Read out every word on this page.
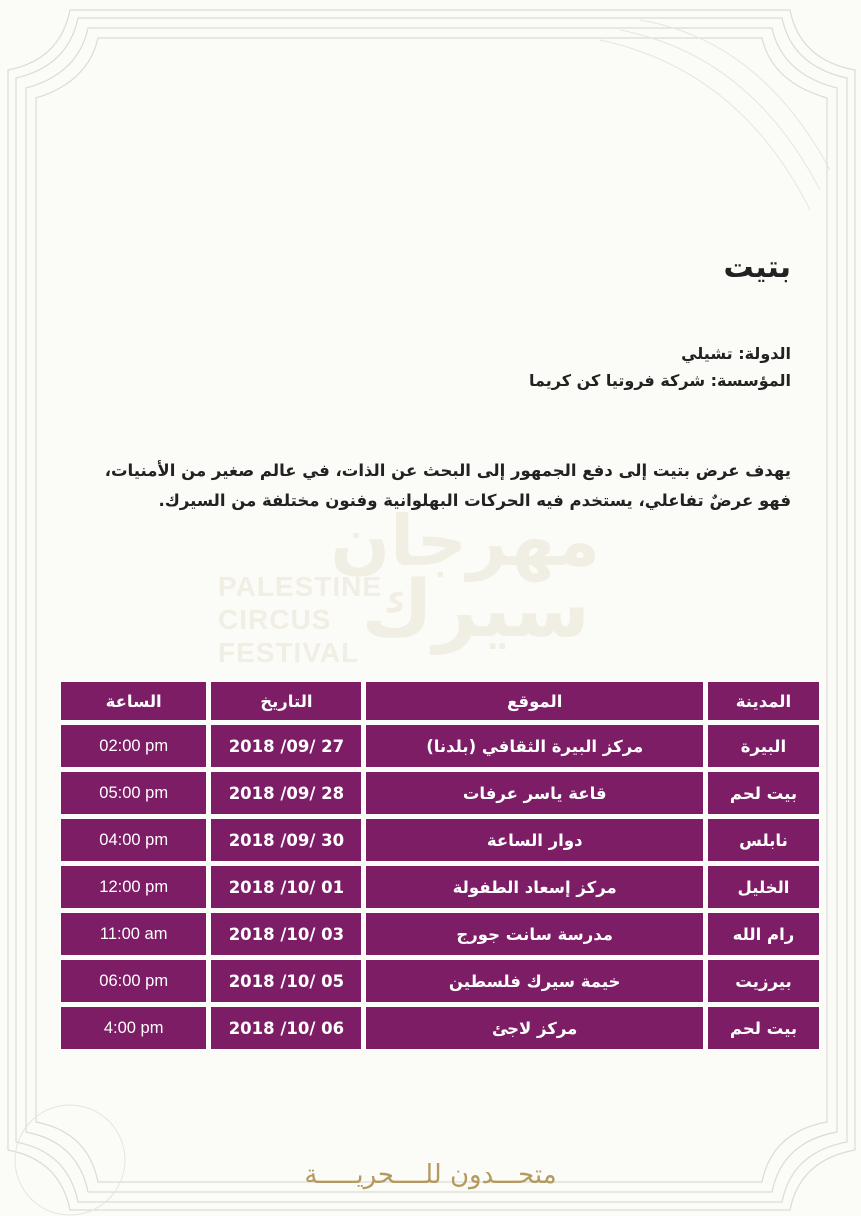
مهرجان
سيرك
PALESTINE
CIRCUS
FESTIVAL
بتيت
الدولة: تشيلي
المؤسسة: شركة فروتيا كن كريما
يهدف عرض بتيت إلى دفع الجمهور إلى البحث عن الذات، في عالم صغير من الأمنيات،
فهو عرضٌ تفاعلي، يستخدم فيه الحركات البهلوانية وفنون مختلفة من السيرك.
المدينة	الموقع	التاريخ	الساعة
البيرة	مركز البيرة الثقافي (بلدنا)	2018 /09/ 27	02:00 pm
بيت لحم	قاعة ياسر عرفات	2018 /09/ 28	05:00 pm
نابلس	دوار الساعة	2018 /09/ 30	04:00 pm
الخليل	مركز إسعاد الطفولة	2018 /10/ 01	12:00 pm
رام الله	مدرسة سانت جورج	2018 /10/ 03	11:00 am
بيرزيت	خيمة سيرك فلسطين	2018 /10/ 05	06:00 pm
بيت لحم	مركز لاجئ	2018 /10/ 06	4:00 pm
متحـــدون للــــحريـــــة
